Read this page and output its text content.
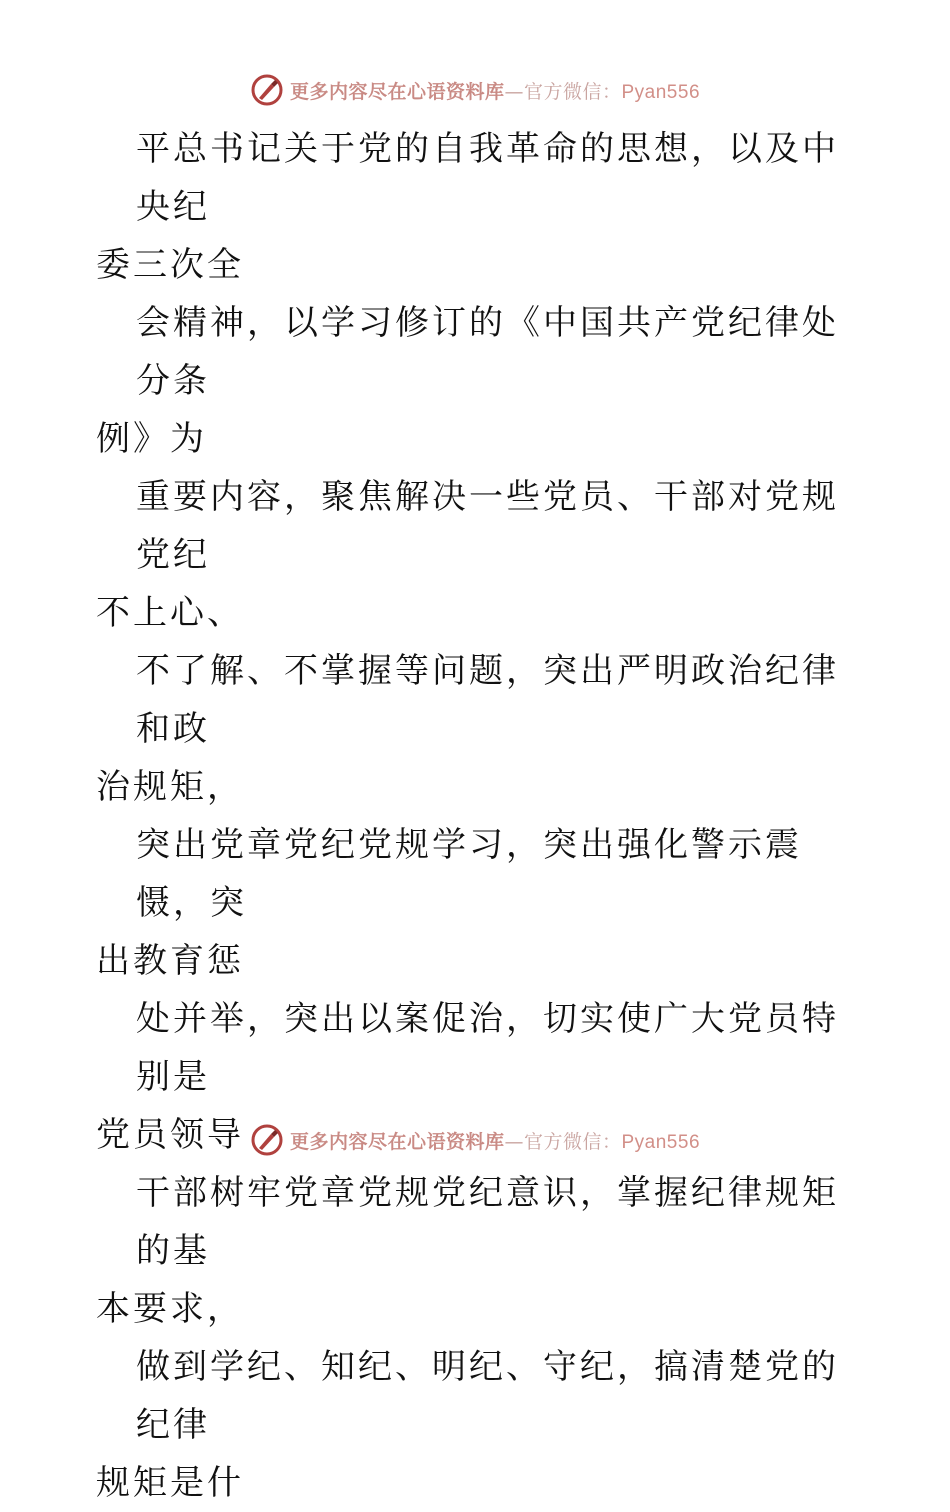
更多内容尽在心语资料库—官方微信：Pyan556

平总书记关于党的自我革命的思想，以及中央纪
委三次全

会精神，以学习修订的《中国共产党纪律处分条
例》为

重要内容，聚焦解决一些党员、干部对党规党纪
不上心、

不了解、不掌握等问题，突出严明政治纪律和政
治规矩，

突出党章党纪党规学习，突出强化警示震慑，突
出教育惩

处并举，突出以案促治，切实使广大党员特别是
党员领导

干部树牢党章党规党纪意识，掌握纪律规矩的基
本要求，

做到学纪、知纪、明纪、守纪，搞清楚党的纪律
规矩是什

更多内容尽在心语资料库—官方微信：Pyan556
